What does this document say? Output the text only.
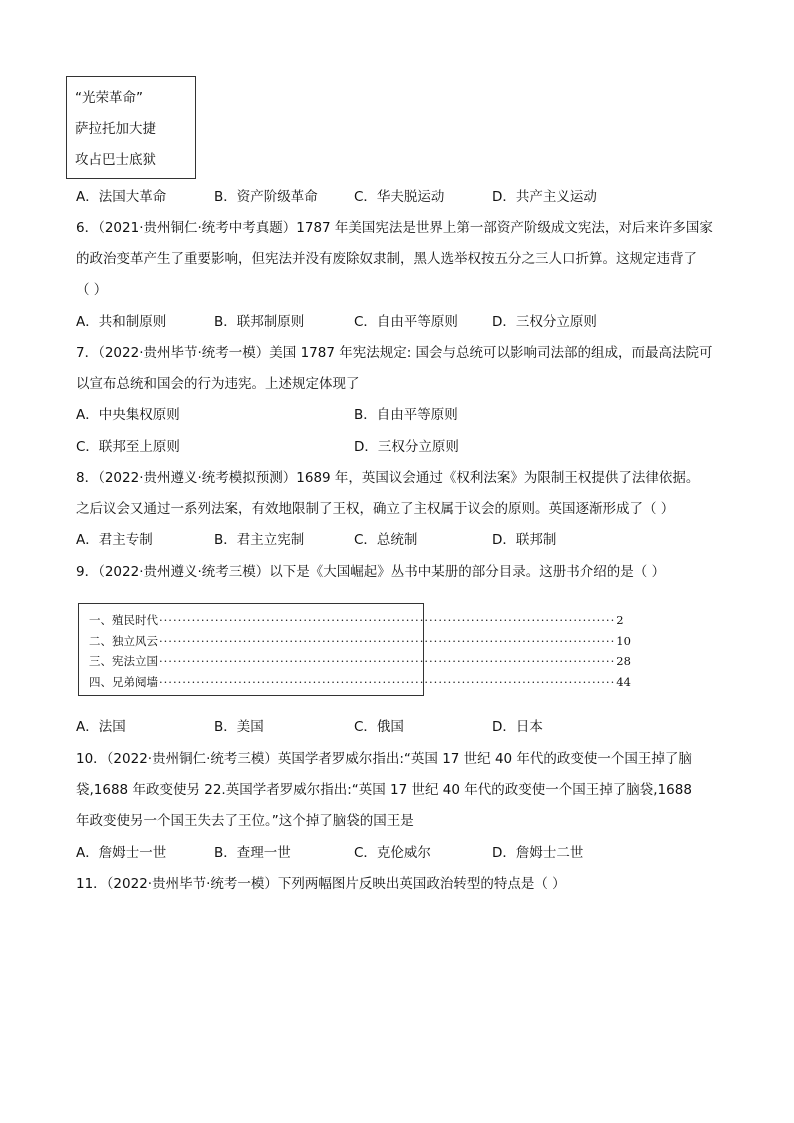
“光荣革命”
萨拉托加大捷
攻占巴士底狱
A．法国大革命	B．资产阶级革命	C．华夫脱运动	D．共产主义运动
6．（2021·贵州铜仁·统考中考真题）1787 年美国宪法是世界上第一部资产阶级成文宪法，对后来许多国家
的政治变革产生了重要影响，但宪法并没有废除奴隶制，黑人选举权按五分之三人口折算。这规定违背了
（ ）
A．共和制原则	B．联邦制原则	C．自由平等原则	D．三权分立原则
7．（2022·贵州毕节·统考一模）美国 1787 年宪法规定: 国会与总统可以影响司法部的组成，而最高法院可
以宣布总统和国会的行为违宪。上述规定体现了
A．中央集权原则	B．自由平等原则
C．联邦至上原则	D．三权分立原则
8．（2022·贵州遵义·统考模拟预测）1689 年，英国议会通过《权利法案》为限制王权提供了法律依据。
之后议会又通过一系列法案，有效地限制了王权，确立了主权属于议会的原则。英国逐渐形成了（ ）
A．君主专制	B．君主立宪制	C．总统制	D．联邦制
9．（2022·贵州遵义·统考三模）以下是《大国崛起》丛书中某册的部分目录。这册书介绍的是（ ）
一、殖民时代 ·································································································· 2
二、独立风云 ·································································································· 10
三、宪法立国 ·································································································· 28
四、兄弟阋墙 ·································································································· 44
A．法国	B．美国	C．俄国	D．日本
10．（2022·贵州铜仁·统考三模）英国学者罗威尔指出:“英国 17 世纪 40 年代的政变使一个国王掉了脑
袋,1688 年政变使另 22.英国学者罗威尔指出:“英国 17 世纪 40 年代的政变使一个国王掉了脑袋,1688
年政变使另一个国王失去了王位。”这个掉了脑袋的国王是
A．詹姆士一世	B．查理一世	C．克伦威尔	D．詹姆士二世
11．（2022·贵州毕节·统考一模）下列两幅图片反映出英国政治转型的特点是（ ）
